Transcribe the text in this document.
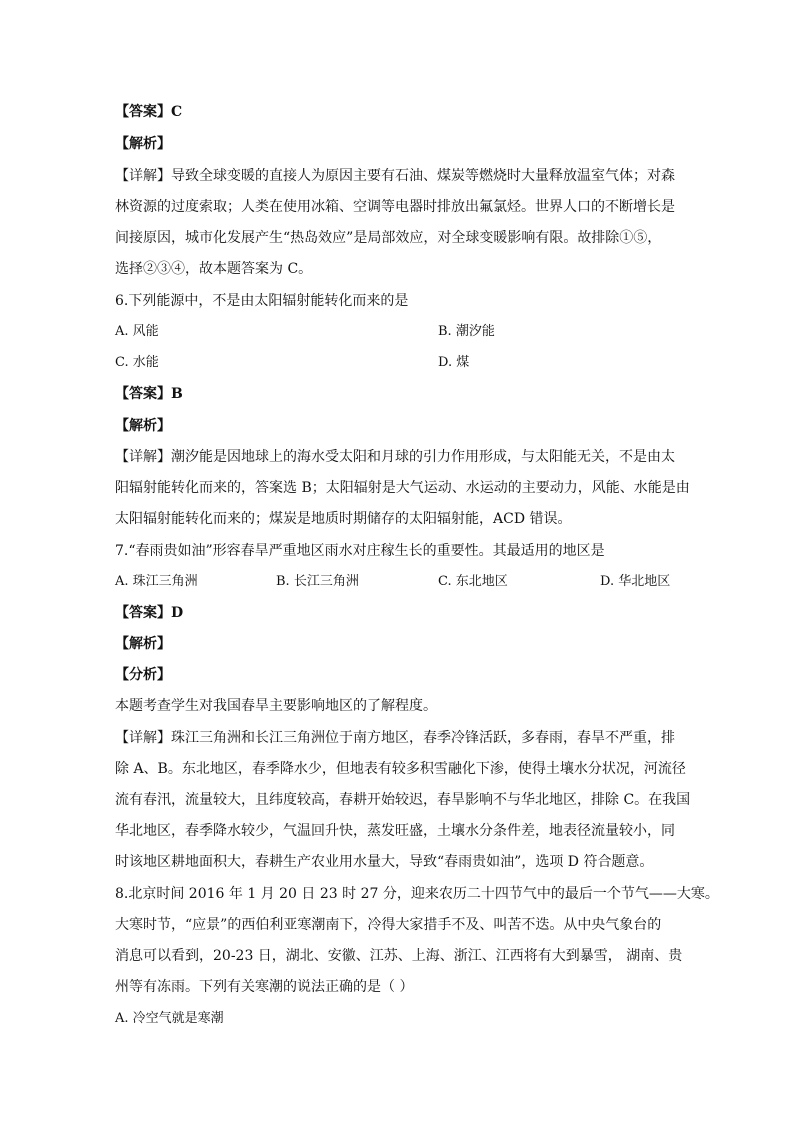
【答案】C
【解析】
【详解】导致全球变暖的直接人为原因主要有石油、煤炭等燃烧时大量释放温室气体；对森
林资源的过度索取；人类在使用冰箱、空调等电器时排放出氟氯烃。世界人口的不断增长是
间接原因，城市化发展产生“热岛效应”是局部效应，对全球变暖影响有限。故排除①⑤，
选择②③④，故本题答案为 C。
6.下列能源中，不是由太阳辐射能转化而来的是
A. 风能	B. 潮汐能
C. 水能	D. 煤
【答案】B
【解析】
【详解】潮汐能是因地球上的海水受太阳和月球的引力作用形成，与太阳能无关，不是由太
阳辐射能转化而来的，答案选 B；太阳辐射是大气运动、水运动的主要动力，风能、水能是由
太阳辐射能转化而来的；煤炭是地质时期储存的太阳辐射能，ACD 错误。
7.“春雨贵如油”形容春旱严重地区雨水对庄稼生长的重要性。其最适用的地区是
A. 珠江三角洲	B. 长江三角洲	C. 东北地区	D. 华北地区
【答案】D
【解析】
【分析】
本题考查学生对我国春旱主要影响地区的了解程度。
【详解】珠江三角洲和长江三角洲位于南方地区，春季冷锋活跃，多春雨，春旱不严重，排
除 A、B。东北地区，春季降水少，但地表有较多积雪融化下渗，使得土壤水分状况，河流径
流有春汛，流量较大，且纬度较高，春耕开始较迟，春旱影响不与华北地区，排除 C。在我国
华北地区，春季降水较少，气温回升快，蒸发旺盛，土壤水分条件差，地表径流量较小，同
时该地区耕地面积大，春耕生产农业用水量大，导致“春雨贵如油”，选项 D 符合题意。
8.北京时间 2016 年 1 月 20 日 23 时 27 分，迎来农历二十四节气中的最后一个节气——大寒。
大寒时节，“应景”的西伯利亚寒潮南下，冷得大家措手不及、叫苦不迭。从中央气象台的
消息可以看到，20-23 日，湖北、安徽、江苏、上海、浙江、江西将有大到暴雪， 湖南、贵
州等有冻雨。下列有关寒潮的说法正确的是（ ）
A. 冷空气就是寒潮
